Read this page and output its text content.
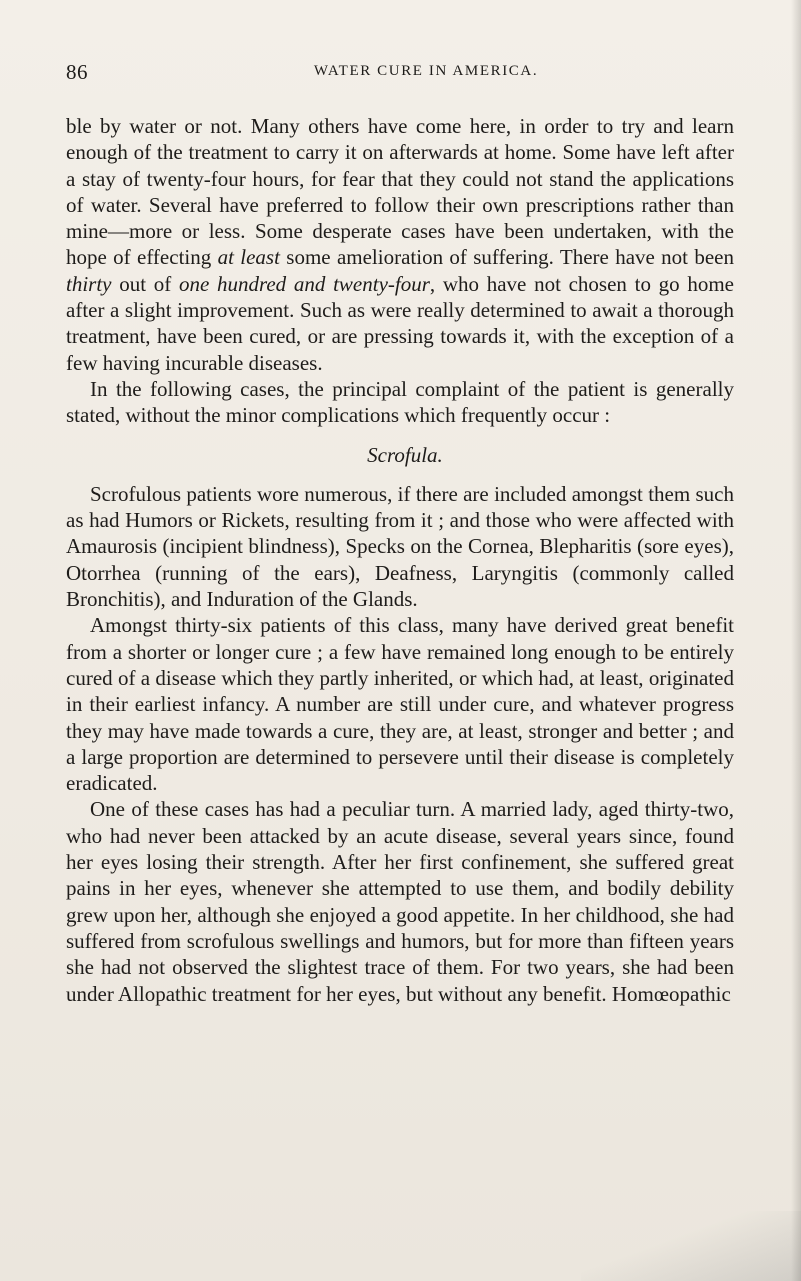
86	WATER CURE IN AMERICA.

ble by water or not. Many others have come here, in order to try and learn enough of the treatment to carry it on afterwards at home. Some have left after a stay of twenty-four hours, for fear that they could not stand the applications of water. Several have preferred to follow their own prescriptions rather than mine—more or less. Some desperate cases have been undertaken, with the hope of effecting at least some amelioration of suffering. There have not been thirty out of one hundred and twenty-four, who have not chosen to go home after a slight improvement. Such as were really determined to await a thorough treatment, have been cured, or are pressing towards it, with the exception of a few having incurable diseases.

In the following cases, the principal complaint of the patient is generally stated, without the minor complications which frequently occur :

Scrofula.

Scrofulous patients wore numerous, if there are included amongst them such as had Humors or Rickets, resulting from it ; and those who were affected with Amaurosis (incipient blindness), Specks on the Cornea, Blepharitis (sore eyes), Otorrhea (running of the ears), Deafness, Laryngitis (commonly called Bronchitis), and Induration of the Glands.

Amongst thirty-six patients of this class, many have derived great benefit from a shorter or longer cure ; a few have remained long enough to be entirely cured of a disease which they partly inherited, or which had, at least, originated in their earliest infancy. A number are still under cure, and whatever progress they may have made towards a cure, they are, at least, stronger and better ; and a large proportion are determined to persevere until their disease is completely eradicated.

One of these cases has had a peculiar turn. A married lady, aged thirty-two, who had never been attacked by an acute disease, several years since, found her eyes losing their strength. After her first confinement, she suffered great pains in her eyes, whenever she attempted to use them, and bodily debility grew upon her, although she enjoyed a good appetite. In her childhood, she had suffered from scrofulous swellings and humors, but for more than fifteen years she had not observed the slightest trace of them. For two years, she had been under Allopathic treatment for her eyes, but without any benefit. Homœopathic
